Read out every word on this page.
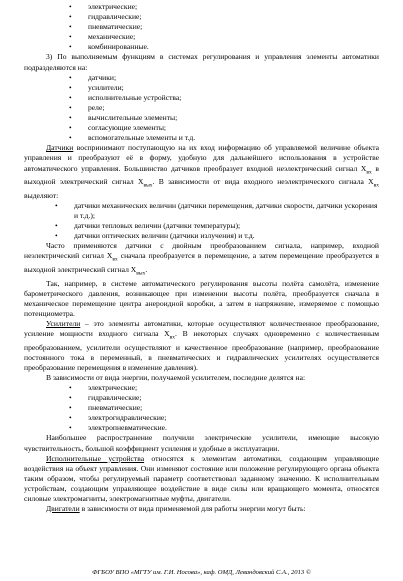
• электрические;
• гидравлические;
• пневматические;
• механические;
• комбинированные.

3) По выполняемым функциям в системах регулирования и управления элементы автоматики подразделяются на:

• датчики;
• усилители;
• исполнительные устройства;
• реле;
• вычислительные элементы;
• согласующие элементы;
• вспомогательные элементы и т.д.

Датчики воспринимают поступающую на их вход информацию об управляемой величине объекта управления и преобразуют её в форму, удобную для дальнейшего использования в устройстве автоматического управления. Большинство датчиков преобразует входной неэлектрический сигнал $X_{вх}$ в выходной электрический сигнал $X_{вых}$. В зависимости от вида входного неэлектрического сигнала $X_{вх}$ выделяют:

• датчики механических величин (датчики перемещения, датчики скорости, датчики ускорения и т.д.);
• датчики тепловых величин (датчики температуры);
• датчики оптических величин (датчики излучения) и т.д.

Часто применяются датчики с двойным преобразованием сигнала, например, входной неэлектрический сигнал $X_{вх}$ сначала преобразуется в перемещение, а затем перемещение преобразуется в выходной электрический сигнал $X_{вых}$.

Так, например, в системе автоматического регулирования высоты полёта самолёта, изменение барометрического давления, возникающее при изменении высоты полёта, преобразуется сначала в механическое перемещение центра анероидной коробки, а затем в напряжение, измеряемое с помощью потенциометра.

Усилители – это элементы автоматики, которые осуществляют количественное преобразование, усиление мощности входного сигнала $X_{вх}$. В некоторых случаях одновременно с количественным преобразованием, усилители осуществляют и качественное преобразование (например, преобразование постоянного тока в переменный, в пневматических и гидравлических усилителях осуществляется преобразование перемещения в изменение давления).

В зависимости от вида энергии, получаемой усилителем, последние делятся на:

• электрические;
• гидравлические;
• пневматические;
• электрогидравлические;
• электропневматические.

Наибольшее распространение получили электрические усилители, имеющие высокую чувствительность, большой коэффициент усиления и удобные в эксплуатации.

Исполнительные устройства относятся к элементам автоматики, создающим управляющие воздействия на объект управления. Они изменяют состояние или положение регулирующего органа объекта таким образом, чтобы регулируемый параметр соответствовал заданному значению. К исполнительным устройствам, создающим управляющее воздействие в виде силы или вращающего момента, относятся силовые электромагниты, электромагнитные муфты, двигатели.

Двигатели в зависимости от вида применяемой для работы энергии могут быть:

ФГБОУ ВПО «МГТУ им. Г.И. Носова», каф. ОМД, Левандовский С.А., 2013 ©
